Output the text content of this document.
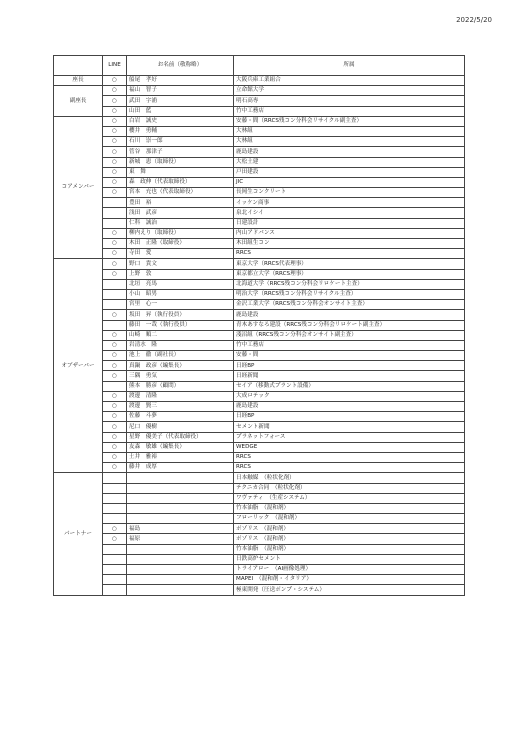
2022/5/20
	LINE	お名前（敬称略）	所属
座長	○	船尾　孝好	大阪兵庫工業組合
副座長	○	福山　智子	立命館大学
	○	武田　字浦	明石高専
	○	山田　藍	竹中工務店
コアメンバー	○	白岩　誠史	安藤・間（RRCS残コン分科会リサイクル副主査）
	○	櫻井　勇輔	大林組
	○	石川　崇一郎	大林組
	○	菅谷　那津子	鹿島建設
	○	新城　恵（取締役）	大松土建
	○	東　舞	戸田建設
	○	森　政伸（代表取締役）	JIC
	○	宮本　充也（代表取締役）	長岡生コンクリート
		豊田　裕	イッケン商事
		浅田　武彦	泉北イシイ
		仁科　誠治	日建設計
	○	柳内えり（取締役）	内山アドバンス
	○	木田　正隆（取締役）	木田組生コン
	○	寺田　愛	RRCS
オブザーバー	○	野口　貴文	東京大学（RRCS代表理事）
	○	上野　敦	東京都立大学（RRCS理事）
		北垣　亮馬	北海道大学（RRCS残コン分科会リロケート主査）
		小山　昭男	明治大学（RRCS残コン分科会リサイクル主査）
		宮里　心一	金沢工業大学（RRCS残コン分科会オンサイト主査）
	○	坂田　昇（執行役員）	鹿島建設
		藤田　一哉（執行役員）	青木あすなろ建設（RRCS残コン分科会リロケート副主査）
	○	山崎　順二	淺沼組（RRCS残コン分科会オンサイト副主査）
	○	岩清水　隆	竹中工務店
	○	池上　徹（副社長）	安藤・間
	○	真鍋　政彦（編集長）	日経BP
	○	三隅　勇気	日経新聞
		熊本　勝彦（顧問）	セイア（移動式プラント設備）
	○	渡邊　清隆	大成ロテック
	○	渡邊　賢三	鹿島建設
	○	佐藤　斗夢	日経BP
	○	尼口　優樹	セメント新聞
	○	星野　優美子（代表取締役）	プラネットフォース
	○	友森　敏雄（編集長）	WEDGE
	○	土井　雅裕	RRCS
	○	藤井　成厚	RRCS
パートナー			日本触媒　（粒状化剤）
			テクニカ合同　（粒状化剤）
			ワヴァティ　（生産システム）
			竹本油脂　（混和剤）
			フローリック　（混和剤）
	○	福島	ポゾリス　（混和剤）
	○	福原	ポゾリス　（混和剤）
			竹本油脂　（混和剤）
			日鉄高炉セメント
			トライアロー　（AI画像処理）
			MAPEI　（混和剤・イタリア）
			極東開発（圧送ポンプ・システム）
